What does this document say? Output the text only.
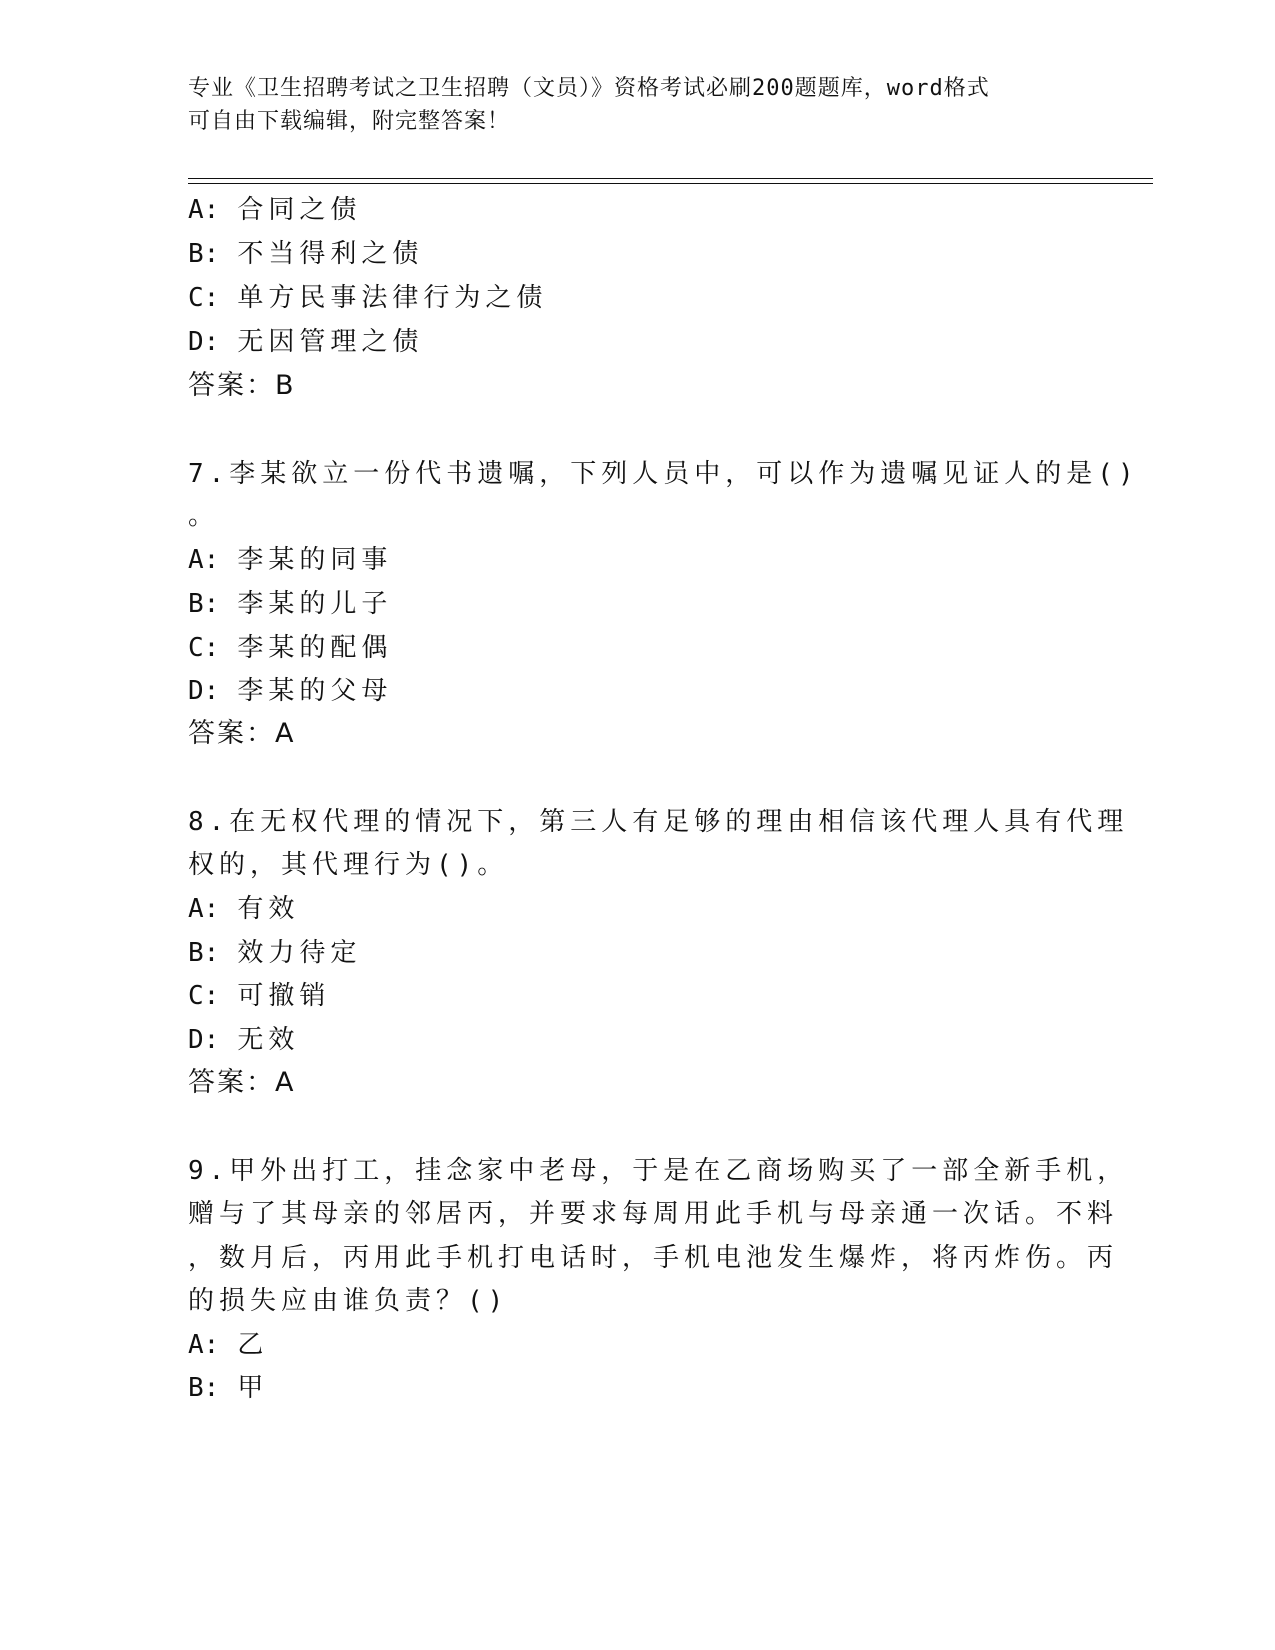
专业《卫生招聘考试之卫生招聘（文员）》资格考试必刷200题题库，word格式
可自由下载编辑，附完整答案！
A: 合同之债
B: 不当得利之债
C: 单方民事法律行为之债
D: 无因管理之债
答案：B
7.李某欲立一份代书遗嘱，下列人员中，可以作为遗嘱见证人的是()
。
A: 李某的同事
B: 李某的儿子
C: 李某的配偶
D: 李某的父母
答案：A
8.在无权代理的情况下，第三人有足够的理由相信该代理人具有代理
权的，其代理行为()。
A: 有效
B: 效力待定
C: 可撤销
D: 无效
答案：A
9.甲外出打工，挂念家中老母，于是在乙商场购买了一部全新手机，
赠与了其母亲的邻居丙，并要求每周用此手机与母亲通一次话。不料
，数月后，丙用此手机打电话时，手机电池发生爆炸，将丙炸伤。丙
的损失应由谁负责？()
A: 乙
B: 甲
